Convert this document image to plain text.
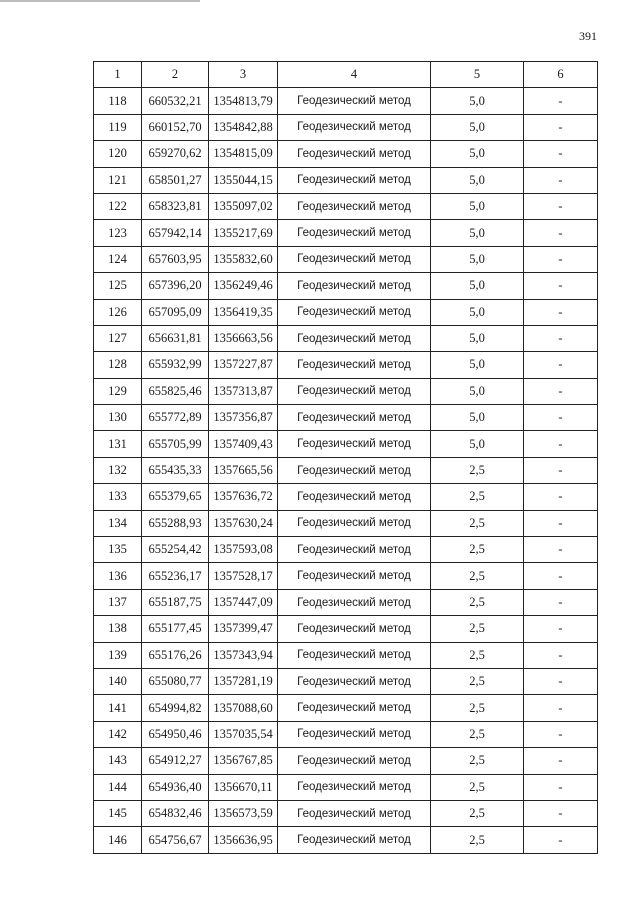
391
1	2	3	4	5	6
118	660532,21	1354813,79	Геодезический метод	5,0	-
119	660152,70	1354842,88	Геодезический метод	5,0	-
120	659270,62	1354815,09	Геодезический метод	5,0	-
121	658501,27	1355044,15	Геодезический метод	5,0	-
122	658323,81	1355097,02	Геодезический метод	5,0	-
123	657942,14	1355217,69	Геодезический метод	5,0	-
124	657603,95	1355832,60	Геодезический метод	5,0	-
125	657396,20	1356249,46	Геодезический метод	5,0	-
126	657095,09	1356419,35	Геодезический метод	5,0	-
127	656631,81	1356663,56	Геодезический метод	5,0	-
128	655932,99	1357227,87	Геодезический метод	5,0	-
129	655825,46	1357313,87	Геодезический метод	5,0	-
130	655772,89	1357356,87	Геодезический метод	5,0	-
131	655705,99	1357409,43	Геодезический метод	5,0	-
132	655435,33	1357665,56	Геодезический метод	2,5	-
133	655379,65	1357636,72	Геодезический метод	2,5	-
134	655288,93	1357630,24	Геодезический метод	2,5	-
135	655254,42	1357593,08	Геодезический метод	2,5	-
136	655236,17	1357528,17	Геодезический метод	2,5	-
137	655187,75	1357447,09	Геодезический метод	2,5	-
138	655177,45	1357399,47	Геодезический метод	2,5	-
139	655176,26	1357343,94	Геодезический метод	2,5	-
140	655080,77	1357281,19	Геодезический метод	2,5	-
141	654994,82	1357088,60	Геодезический метод	2,5	-
142	654950,46	1357035,54	Геодезический метод	2,5	-
143	654912,27	1356767,85	Геодезический метод	2,5	-
144	654936,40	1356670,11	Геодезический метод	2,5	-
145	654832,46	1356573,59	Геодезический метод	2,5	-
146	654756,67	1356636,95	Геодезический метод	2,5	-
